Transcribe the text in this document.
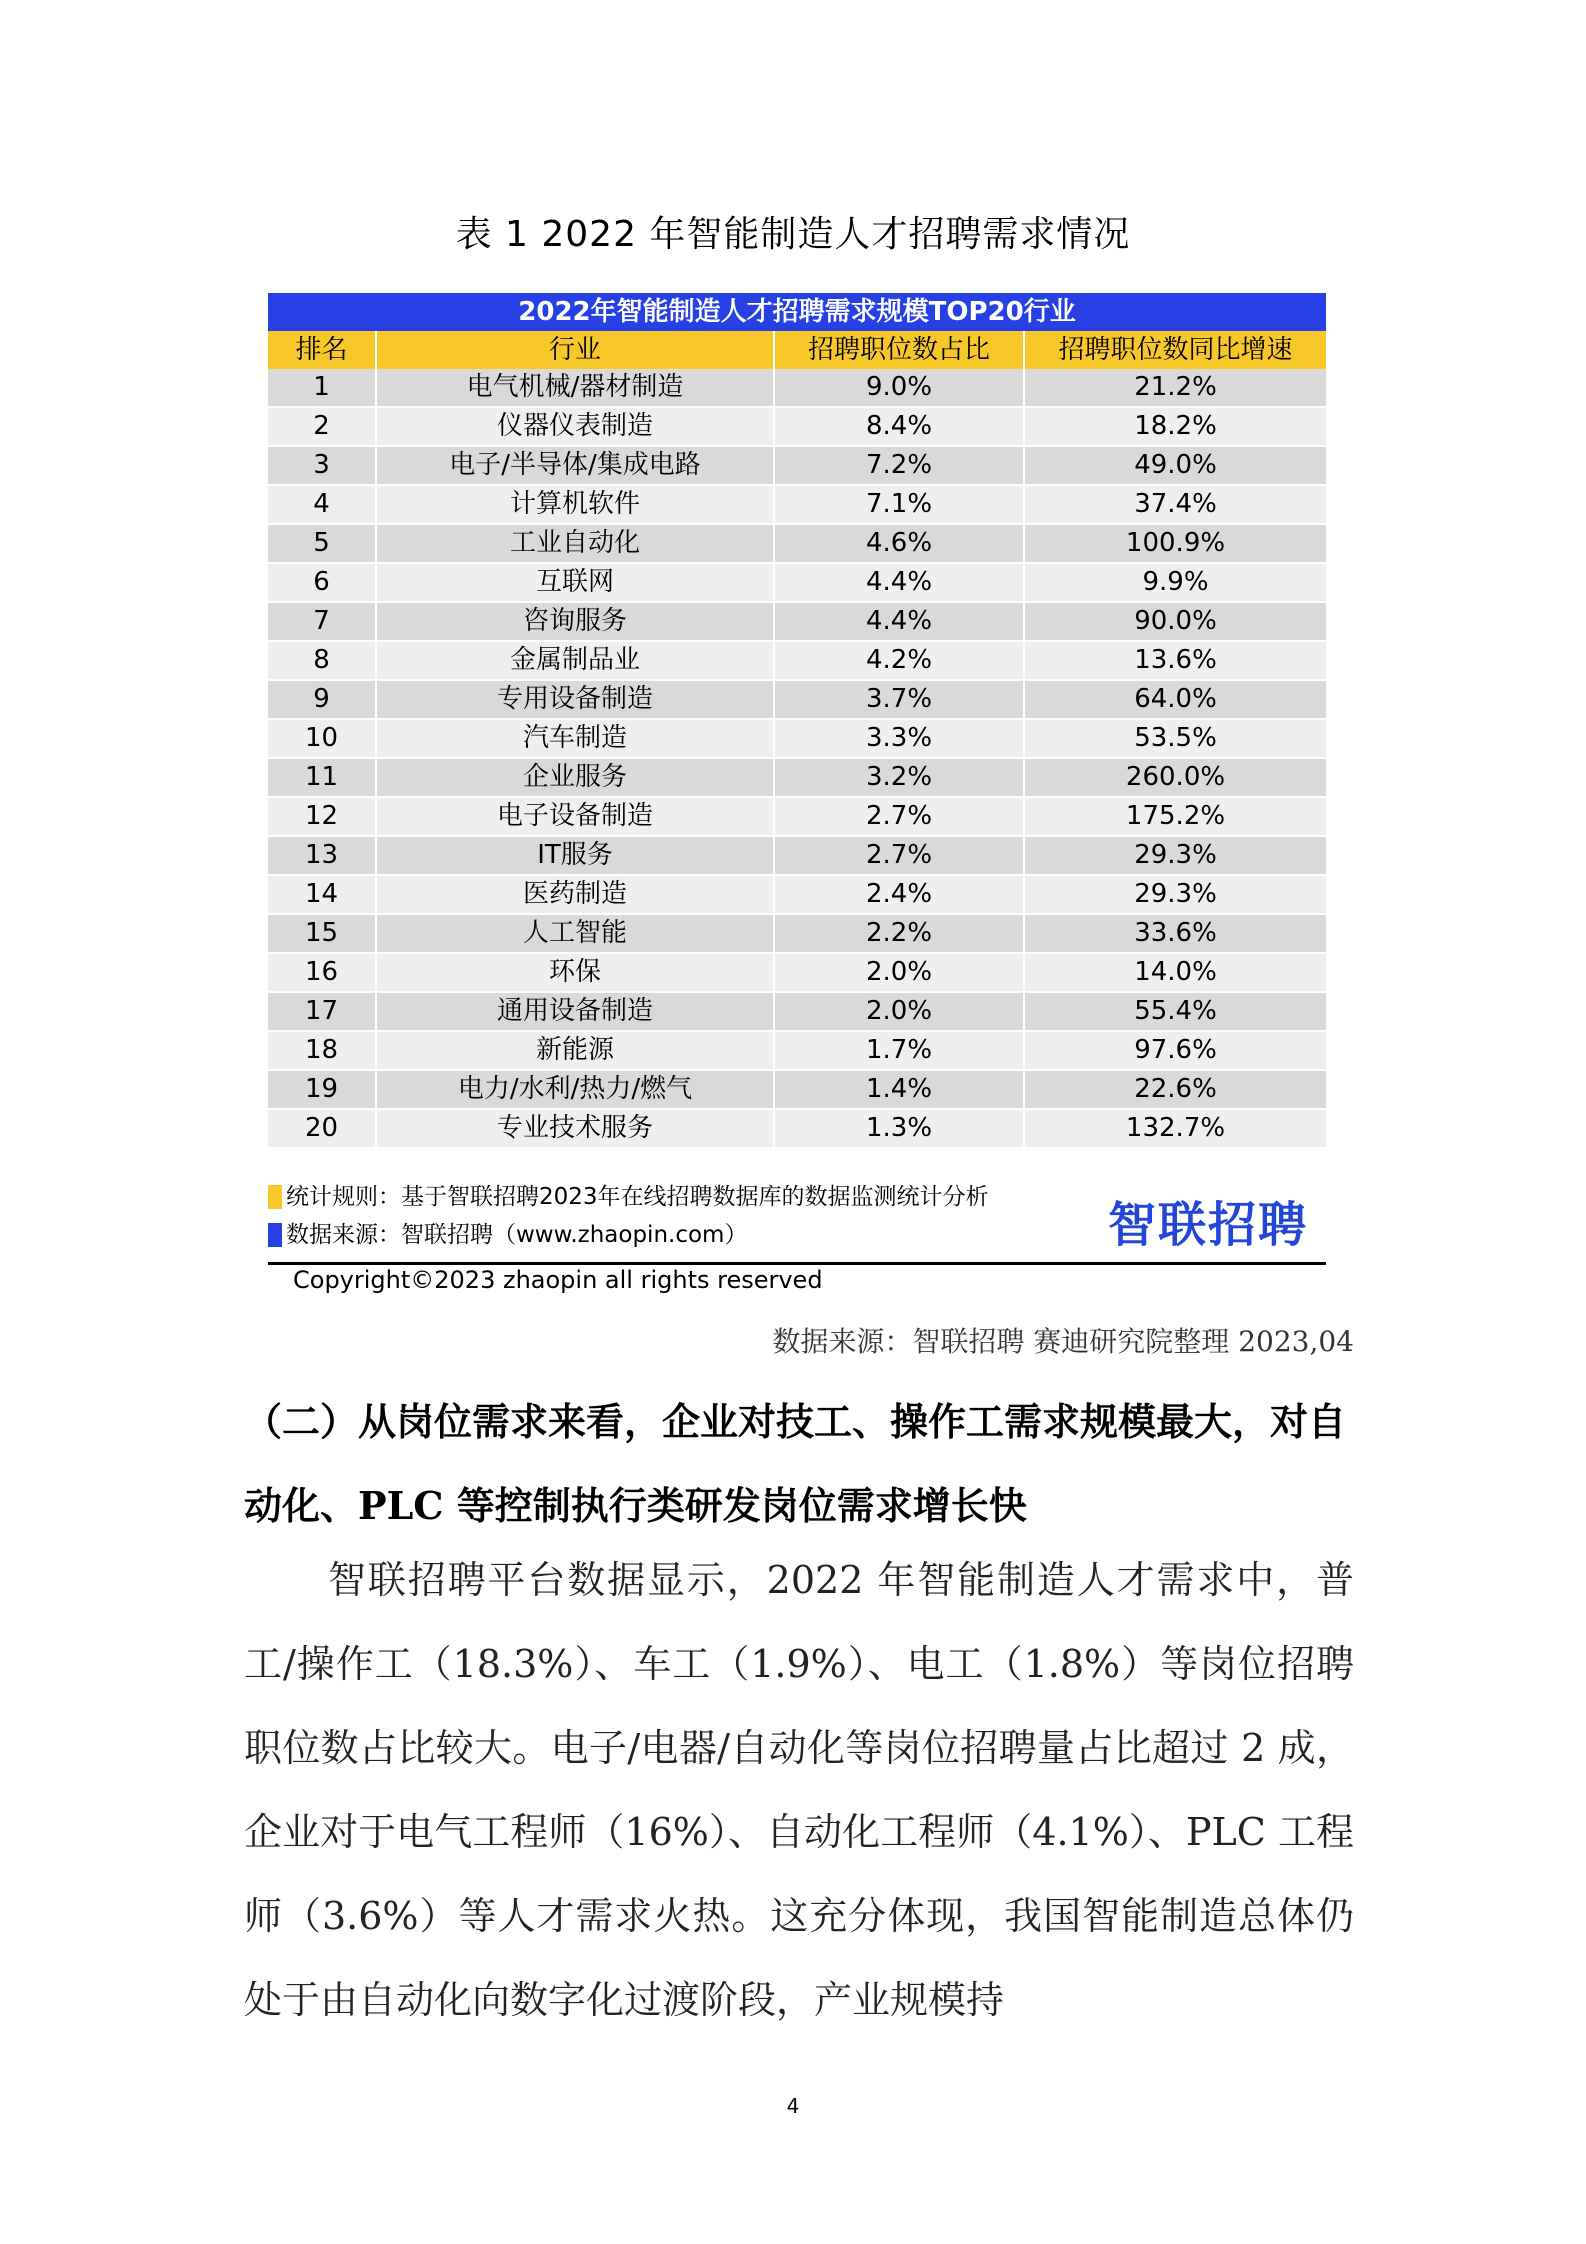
表 1 2022 年智能制造人才招聘需求情况
2022年智能制造人才招聘需求规模TOP20行业
排名	行业	招聘职位数占比	招聘职位数同比增速
1	电气机械/器材制造	9.0%	21.2%
2	仪器仪表制造	8.4%	18.2%
3	电子/半导体/集成电路	7.2%	49.0%
4	计算机软件	7.1%	37.4%
5	工业自动化	4.6%	100.9%
6	互联网	4.4%	9.9%
7	咨询服务	4.4%	90.0%
8	金属制品业	4.2%	13.6%
9	专用设备制造	3.7%	64.0%
10	汽车制造	3.3%	53.5%
11	企业服务	3.2%	260.0%
12	电子设备制造	2.7%	175.2%
13	IT服务	2.7%	29.3%
14	医药制造	2.4%	29.3%
15	人工智能	2.2%	33.6%
16	环保	2.0%	14.0%
17	通用设备制造	2.0%	55.4%
18	新能源	1.7%	97.6%
19	电力/水利/热力/燃气	1.4%	22.6%
20	专业技术服务	1.3%	132.7%
统计规则：基于智联招聘2023年在线招聘数据库的数据监测统计分析
数据来源：智联招聘（www.zhaopin.com）	智联招聘
Copyright©2023 zhaopin all rights reserved
数据来源：智联招聘 赛迪研究院整理 2023,04
（二）从岗位需求来看，企业对技工、操作工需求规模最大，对自动化、PLC 等控制执行类研发岗位需求增长快

智联招聘平台数据显示，2022 年智能制造人才需求中，普工/操作工（18.3%）、车工（1.9%）、电工（1.8%）等岗位招聘职位数占比较大。电子/电器/自动化等岗位招聘量占比超过 2 成，企业对于电气工程师（16%）、自动化工程师（4.1%）、PLC 工程师（3.6%）等人才需求火热。这充分体现，我国智能制造总体仍处于由自动化向数字化过渡阶段，产业规模持

4
